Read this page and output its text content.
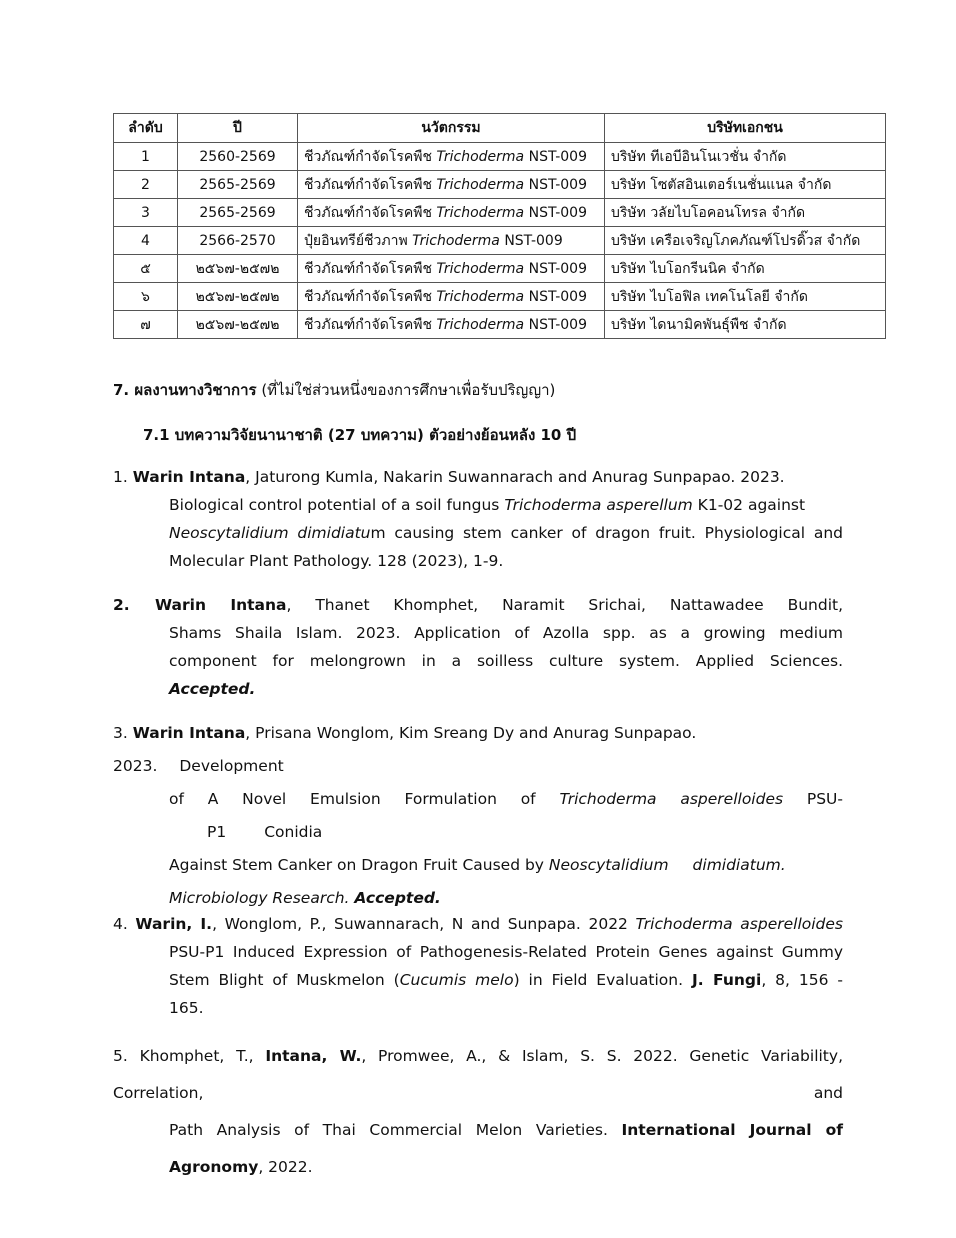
ลำดับ	ปี	นวัตกรรม	บริษัทเอกชน
1	2560-2569	ชีวภัณฑ์กำจัดโรคพืช Trichoderma NST-009	บริษัท ทีเอบีอินโนเวชั่น จำกัด
2	2565-2569	ชีวภัณฑ์กำจัดโรคพืช Trichoderma NST-009	บริษัท โซตัสอินเตอร์เนชั่นแนล จำกัด
3	2565-2569	ชีวภัณฑ์กำจัดโรคพืช Trichoderma NST-009	บริษัท วลัยไบโอคอนโทรล จำกัด
4	2566-2570	ปุ๋ยอินทรีย์ชีวภาพ Trichoderma NST-009	บริษัท เครือเจริญโภคภัณฑ์โปรดิ๊วส จำกัด
๕	๒๕๖๗-๒๕๗๒	ชีวภัณฑ์กำจัดโรคพืช Trichoderma NST-009	บริษัท ไบโอกรีนนิค จำกัด
๖	๒๕๖๗-๒๕๗๒	ชีวภัณฑ์กำจัดโรคพืช Trichoderma NST-009	บริษัท ไบโอฟิล เทคโนโลยี จำกัด
๗	๒๕๖๗-๒๕๗๒	ชีวภัณฑ์กำจัดโรคพืช Trichoderma NST-009	บริษัท ไดนามิคพันธุ์พืช จำกัด
7. ผลงานทางวิชาการ (ที่ไม่ใช่ส่วนหนึ่งของการศึกษาเพื่อรับปริญญา)
7.1 บทความวิจัยนานาชาติ (27 บทความ) ตัวอย่างย้อนหลัง 10 ปี
1. Warin Intana, Jaturong Kumla, Nakarin Suwannarach and Anurag Sunpapao. 2023.
Biological control potential of a soil fungus Trichoderma asperellum K1-02 against
Neoscytalidium dimidiatum causing stem canker of dragon fruit. Physiological and
Molecular Plant Pathology. 128 (2023), 1-9.
2. Warin Intana, Thanet Khomphet, Naramit Srichai, Nattawadee Bundit,
Shams Shaila Islam. 2023. Application of Azolla spp. as a growing medium
component for melongrown in a soilless culture system. Applied Sciences.
Accepted.
3. Warin Intana, Prisana Wonglom, Kim Sreang Dy and Anurag Sunpapao. 2023. Development
of A Novel Emulsion Formulation of Trichoderma asperelloides PSU-P1 Conidia
Against Stem Canker on Dragon Fruit Caused by Neoscytalidium dimidiatum.
Microbiology Research. Accepted.
4. Warin, I., Wonglom, P., Suwannarach, N and Sunpapa. 2022 Trichoderma asperelloides
PSU-P1 Induced Expression of Pathogenesis-Related Protein Genes against Gummy
Stem Blight of Muskmelon (Cucumis melo) in Field Evaluation. J. Fungi, 8, 156 -
165.
5. Khomphet, T., Intana, W., Promwee, A., & Islam, S. S. 2022. Genetic Variability, Correlation, and
Path Analysis of Thai Commercial Melon Varieties. International Journal of Agronomy, 2022.
